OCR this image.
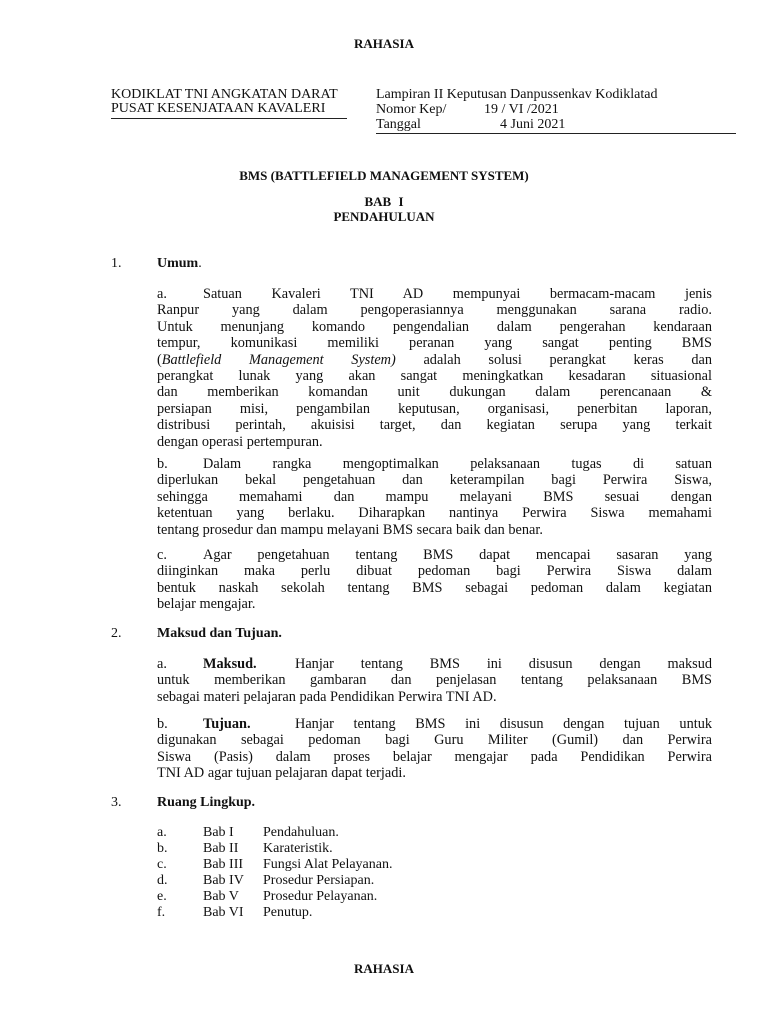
RAHASIA
KODIKLAT TNI ANGKATAN DARAT
PUSAT KESENJATAAN KAVALERI
Lampiran II Keputusan Danpussenkav Kodiklatad
Nomor Kep/	19 / VI /2021
Tanggal	4 Juni 2021
BMS (BATTLEFIELD MANAGEMENT SYSTEM)
BAB I
PENDAHULUAN
1.	Umum.

a.	Satuan Kavaleri TNI AD mempunyai bermacam-macam jenis

Ranpur yang dalam pengoperasiannya menggunakan sarana radio.

Untuk menunjang komando pengendalian dalam pengerahan kendaraan

tempur, komunikasi memiliki peranan yang sangat penting BMS

(Battlefield Management System) adalah solusi perangkat keras dan

perangkat lunak yang akan sangat meningkatkan kesadaran situasional

dan memberikan komandan unit dukungan dalam perencanaan &

persiapan misi, pengambilan keputusan, organisasi, penerbitan laporan,

distribusi perintah, akuisisi target, dan kegiatan serupa yang terkait

dengan operasi pertempuran.

b. Dalam rangka mengoptimalkan pelaksanaan tugas di satuan

diperlukan bekal pengetahuan dan keterampilan bagi Perwira Siswa,

sehingga memahami dan mampu melayani BMS sesuai dengan

ketentuan yang berlaku. Diharapkan nantinya Perwira Siswa memahami

tentang prosedur dan mampu melayani BMS secara baik dan benar.

c.	Agar pengetahuan tentang BMS dapat mencapai sasaran yang

diinginkan maka perlu dibuat pedoman bagi Perwira Siswa dalam

bentuk naskah sekolah tentang BMS sebagai pedoman dalam kegiatan

belajar mengajar.

2.	Maksud dan Tujuan.

a.	Maksud.	Hanjar tentang BMS ini disusun dengan maksud

untuk memberikan gambaran dan penjelasan tentang pelaksanaan BMS

sebagai materi pelajaran pada Pendidikan Perwira TNI AD.

b. Tujuan.	Hanjar tentang BMS ini disusun dengan tujuan untuk

digunakan sebagai pedoman bagi Guru Militer (Gumil) dan Perwira

Siswa (Pasis) dalam proses belajar mengajar pada Pendidikan Perwira

TNI AD agar tujuan pelajaran dapat terjadi.

3.	Ruang Lingkup.
a.	Bab I Pendahuluan.
b.	Bab II Karateristik.
c.	Bab III Fungsi Alat Pelayanan.
d.	Bab IV Prosedur Persiapan.
e.	Bab V Prosedur Pelayanan.
f.	Bab VI Penutup.
RAHASIA
